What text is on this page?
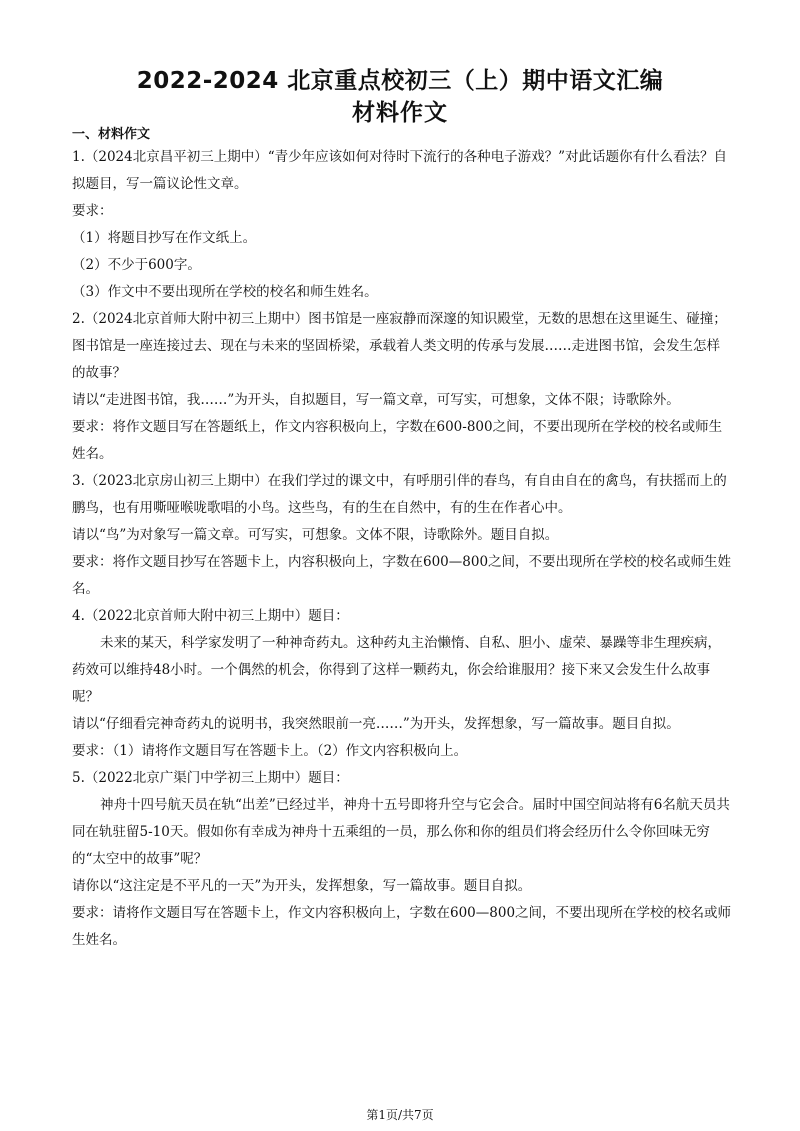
2022-2024 北京重点校初三（上）期中语文汇编
材料作文

一、材料作文

1.（2024北京昌平初三上期中）“青少年应该如何对待时下流行的各种电子游戏？”对此话题你有什么看法？自拟题目，写一篇议论性文章。

要求：

（1）将题目抄写在作文纸上。

（2）不少于600字。

（3）作文中不要出现所在学校的校名和师生姓名。

2.（2024北京首师大附中初三上期中）图书馆是一座寂静而深邃的知识殿堂，无数的思想在这里诞生、碰撞；图书馆是一座连接过去、现在与未来的坚固桥梁，承载着人类文明的传承与发展……走进图书馆，会发生怎样的故事？

请以“走进图书馆，我……”为开头，自拟题目，写一篇文章，可写实，可想象，文体不限；诗歌除外。

要求：将作文题目写在答题纸上，作文内容积极向上，字数在600-800之间，不要出现所在学校的校名或师生姓名。

3.（2023北京房山初三上期中）在我们学过的课文中，有呼朋引伴的春鸟，有自由自在的禽鸟，有扶摇而上的鹏鸟，也有用嘶哑喉咙歌唱的小鸟。这些鸟，有的生在自然中，有的生在作者心中。

请以“鸟”为对象写一篇文章。可写实，可想象。文体不限，诗歌除外。题目自拟。

要求：将作文题目抄写在答题卡上，内容积极向上，字数在600—800之间，不要出现所在学校的校名或师生姓名。

4.（2022北京首师大附中初三上期中）题目：

未来的某天，科学家发明了一种神奇药丸。这种药丸主治懒惰、自私、胆小、虚荣、暴躁等非生理疾病，药效可以维持48小时。一个偶然的机会，你得到了这样一颗药丸，你会给谁服用？接下来又会发生什么故事呢？

请以“仔细看完神奇药丸的说明书，我突然眼前一亮……”为开头，发挥想象，写一篇故事。题目自拟。

要求：（1）请将作文题目写在答题卡上。（2）作文内容积极向上。

5.（2022北京广渠门中学初三上期中）题目：

神舟十四号航天员在轨“出差”已经过半，神舟十五号即将升空与它会合。届时中国空间站将有6名航天员共同在轨驻留5-10天。假如你有幸成为神舟十五乘组的一员，那么你和你的组员们将会经历什么令你回味无穷的“太空中的故事”呢？

请你以“这注定是不平凡的一天”为开头，发挥想象，写一篇故事。题目自拟。

要求：请将作文题目写在答题卡上，作文内容积极向上，字数在600—800之间，不要出现所在学校的校名或师生姓名。

第1页/共7页
